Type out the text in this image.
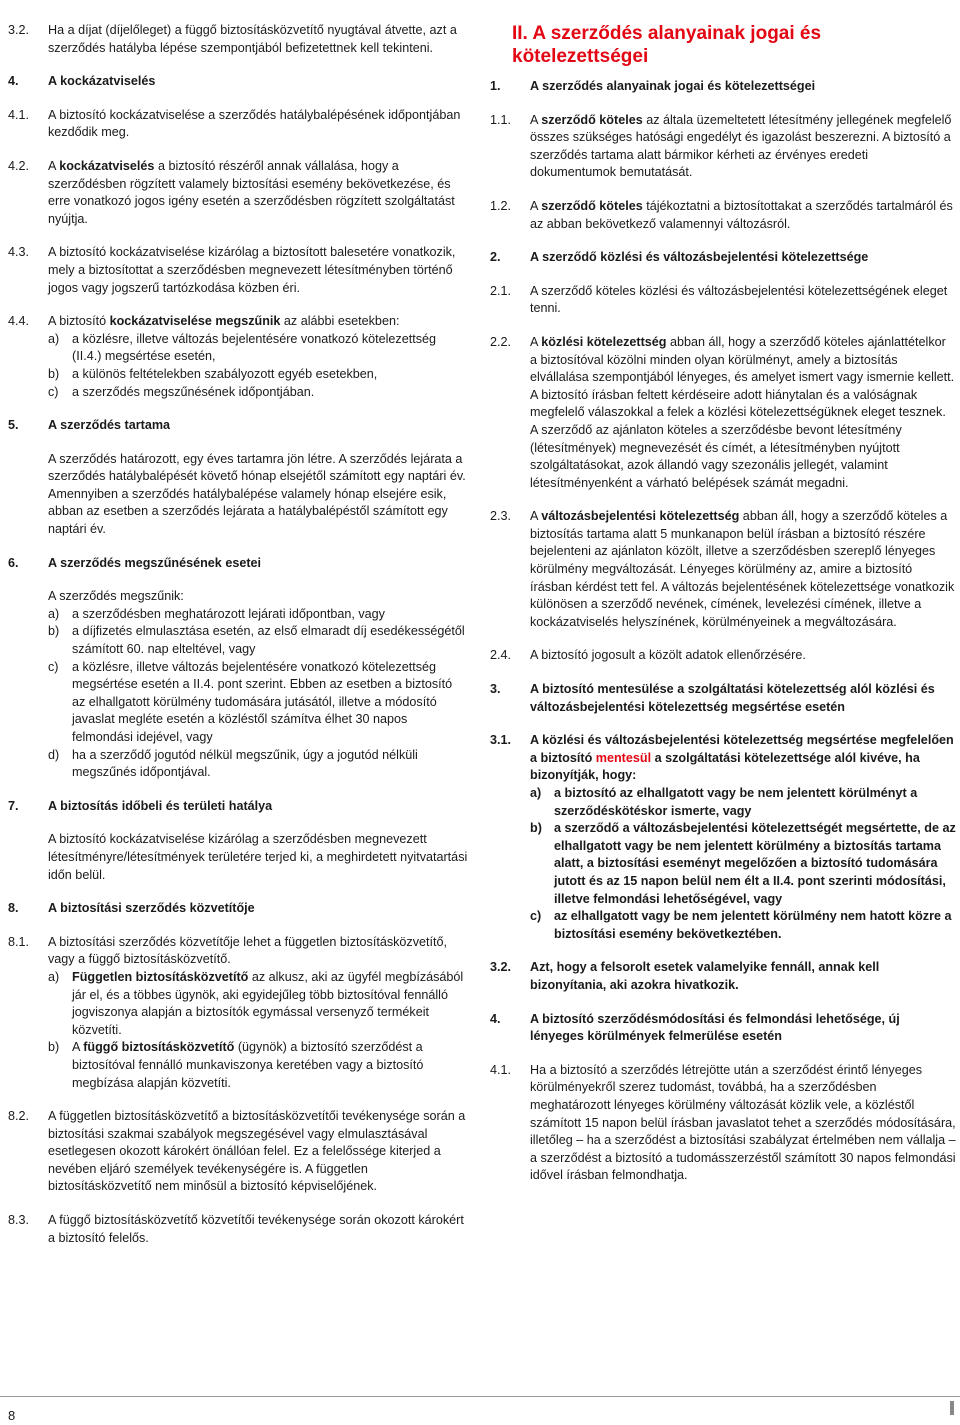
3.2. Ha a díjat (díjelőleget) a függő biztosításközvetítő nyugtával átvette, azt a szerződés hatályba lépése szempontjából befizetettnek kell tekinteni.
4. A kockázatviselés
4.1. A biztosító kockázatviselése a szerződés hatálybalépésének időpontjában kezdődik meg.
4.2. A kockázatviselés a biztosító részéről annak vállalása, hogy a szerződésben rögzített valamely biztosítási esemény bekövetkezése, és erre vonatkozó jogos igény esetén a szerződésben rögzített szolgáltatást nyújtja.
4.3. A biztosító kockázatviselése kizárólag a biztosított balesetére vonatkozik, mely a biztosítottat a szerződésben megnevezett létesítményben történő jogos vagy jogszerű tartózkodása közben éri.
4.4. A biztosító kockázatviselése megszűnik az alábbi esetekben:
a)	a közlésre, illetve változás bejelentésére vonatkozó kötelezettség (II.4.) megsértése esetén,
b)	a különös feltételekben szabályozott egyéb esetekben,
c)	a szerződés megszűnésének időpontjában.
5. A szerződés tartama
A szerződés határozott, egy éves tartamra jön létre. A szerződés lejárata a szerződés hatálybalépését követő hónap elsejétől számított egy naptári év. Amennyiben a szerződés hatálybalépése valamely hónap elsejére esik, abban az esetben a szerződés lejárata a hatálybalépéstől számított egy naptári év.
6. A szerződés megszűnésének esetei
A szerződés megszűnik:
a)	a szerződésben meghatározott lejárati időpontban, vagy
b)	a díjfizetés elmulasztása esetén, az első elmaradt díj esedékességétől számított 60. nap elteltével, vagy
c)	a közlésre, illetve változás bejelentésére vonatkozó kötelezettség megsértése esetén a II.4. pont szerint. Ebben az esetben a biztosító az elhallgatott körülmény tudomására jutásától, illetve a módosító javaslat megléte esetén a közléstől számítva élhet 30 napos felmondási idejével, vagy
d)	ha a szerződő jogutód nélkül megszűnik, úgy a jogutód nélküli megszűnés időpontjával.
7. A biztosítás időbeli és területi hatálya
A biztosító kockázatviselése kizárólag a szerződésben megnevezett létesítményre/létesítmények területére terjed ki, a meghirdetett nyitvatartási időn belül.
8. A biztosítási szerződés közvetítője
8.1. A biztosítási szerződés közvetítője lehet a független biztosításközvetítő, vagy a függő biztosításközvetítő.
a)	Független biztosításközvetítő az alkusz, aki az ügyfél megbízásából jár el, és a többes ügynök, aki egyidejűleg több biztosítóval fennálló jogviszonya alapján a biztosítók egymással versenyző termékeit közvetíti.
b)	A függő biztosításközvetítő (ügynök) a biztosító szerződést a biztosítóval fennálló munkaviszonya keretében vagy a biztosító megbízása alapján közvetíti.
8.2. A független biztosításközvetítő a biztosításközvetítői tevékenysége során a biztosítási szakmai szabályok megszegésével vagy elmulasztásával esetlegesen okozott károkért önállóan felel. Ez a felelőssége kiterjed a nevében eljáró személyek tevékenységére is. A független biztosításközvetítő nem minősül a biztosító képviselőjének.
8.3. A függő biztosításközvetítő közvetítői tevékenysége során okozott károkért a biztosító felelős.
II. A szerződés alanyainak jogai és kötelezettségei
1. A szerződés alanyainak jogai és kötelezettségei
1.1. A szerződő köteles az általa üzemeltetett létesítmény jellegének megfelelő összes szükséges hatósági engedélyt és igazolást beszerezni. A biztosító a szerződés tartama alatt bármikor kérheti az érvényes eredeti dokumentumok bemutatását.
1.2. A szerződő köteles tájékoztatni a biztosítottakat a szerződés tartalmáról és az abban bekövetkező valamennyi változásról.
2. A szerződő közlési és változásbejelentési kötelezettsége
2.1. A szerződő köteles közlési és változásbejelentési kötelezettségének eleget tenni.
2.2. A közlési kötelezettség abban áll, hogy a szerződő köteles ajánlattételkor a biztosítóval közölni minden olyan körülményt, amely a biztosítás elvállalása szempontjából lényeges, és amelyet ismert vagy ismernie kellett. A biztosító írásban feltett kérdéseire adott hiánytalan és a valóságnak megfelelő válaszokkal a felek a közlési kötelezettségüknek eleget tesznek.
A szerződő az ajánlaton köteles a szerződésbe bevont létesítmény (létesítmények) megnevezését és címét, a létesítményben nyújtott szolgáltatásokat, azok állandó vagy szezonális jellegét, valamint létesítményenként a várható belépések számát megadni.
2.3. A változásbejelentési kötelezettség abban áll, hogy a szerződő köteles a biztosítás tartama alatt 5 munkanapon belül írásban a biztosító részére bejelenteni az ajánlaton közölt, illetve a szerződésben szereplő lényeges körülmény megváltozását. Lényeges körülmény az, amire a biztosító írásban kérdést tett fel. A változás bejelentésének kötelezettsége vonatkozik különösen a szerződő nevének, címének, levelezési címének, illetve a kockázatviselés helyszínének, körülményeinek a megváltozására.
2.4. A biztosító jogosult a közölt adatok ellenőrzésére.
3. A biztosító mentesülése a szolgáltatási kötelezettség alól közlési és változásbejelentési kötelezettség megsértése esetén
3.1. A közlési és változásbejelentési kötelezettség megsértése megfelelően a biztosító mentesül a szolgáltatási kötelezettsége alól kivéve, ha bizonyítják, hogy:
a)	a biztosító az elhallgatott vagy be nem jelentett körülményt a szerződéskötéskor ismerte, vagy
b) a szerződő a változásbejelentési kötelezettségét megsértette, de az elhallgatott vagy be nem jelentett körülmény a biztosítás tartama alatt, a biztosítási eseményt megelőzően a biztosító tudomására jutott és az 15 napon belül nem élt a II.4. pont szerinti módosítási, illetve felmondási lehetőségével, vagy
c)	az elhallgatott vagy be nem jelentett körülmény nem hatott közre a biztosítási esemény bekövetkeztében.
3.2. Azt, hogy a felsorolt esetek valamelyike fennáll, annak kell bizonyítania, aki azokra hivatkozik.
4. A biztosító szerződésmódosítási és felmondási lehetősége, új lényeges körülmények felmerülése esetén
4.1. Ha a biztosító a szerződés létrejötte után a szerződést érintő lényeges körülményekről szerez tudomást, továbbá, ha a szerződésben meghatározott lényeges körülmény változását közlik vele, a közléstől számított 15 napon belül írásban javaslatot tehet a szerződés módosítására, illetőleg – ha a szerződést a biztosítási szabályzat értelmében nem vállalja – a szerződést a biztosító a tudomásszerzéstől számított 30 napos felmondási idővel írásban felmondhatja.
8
